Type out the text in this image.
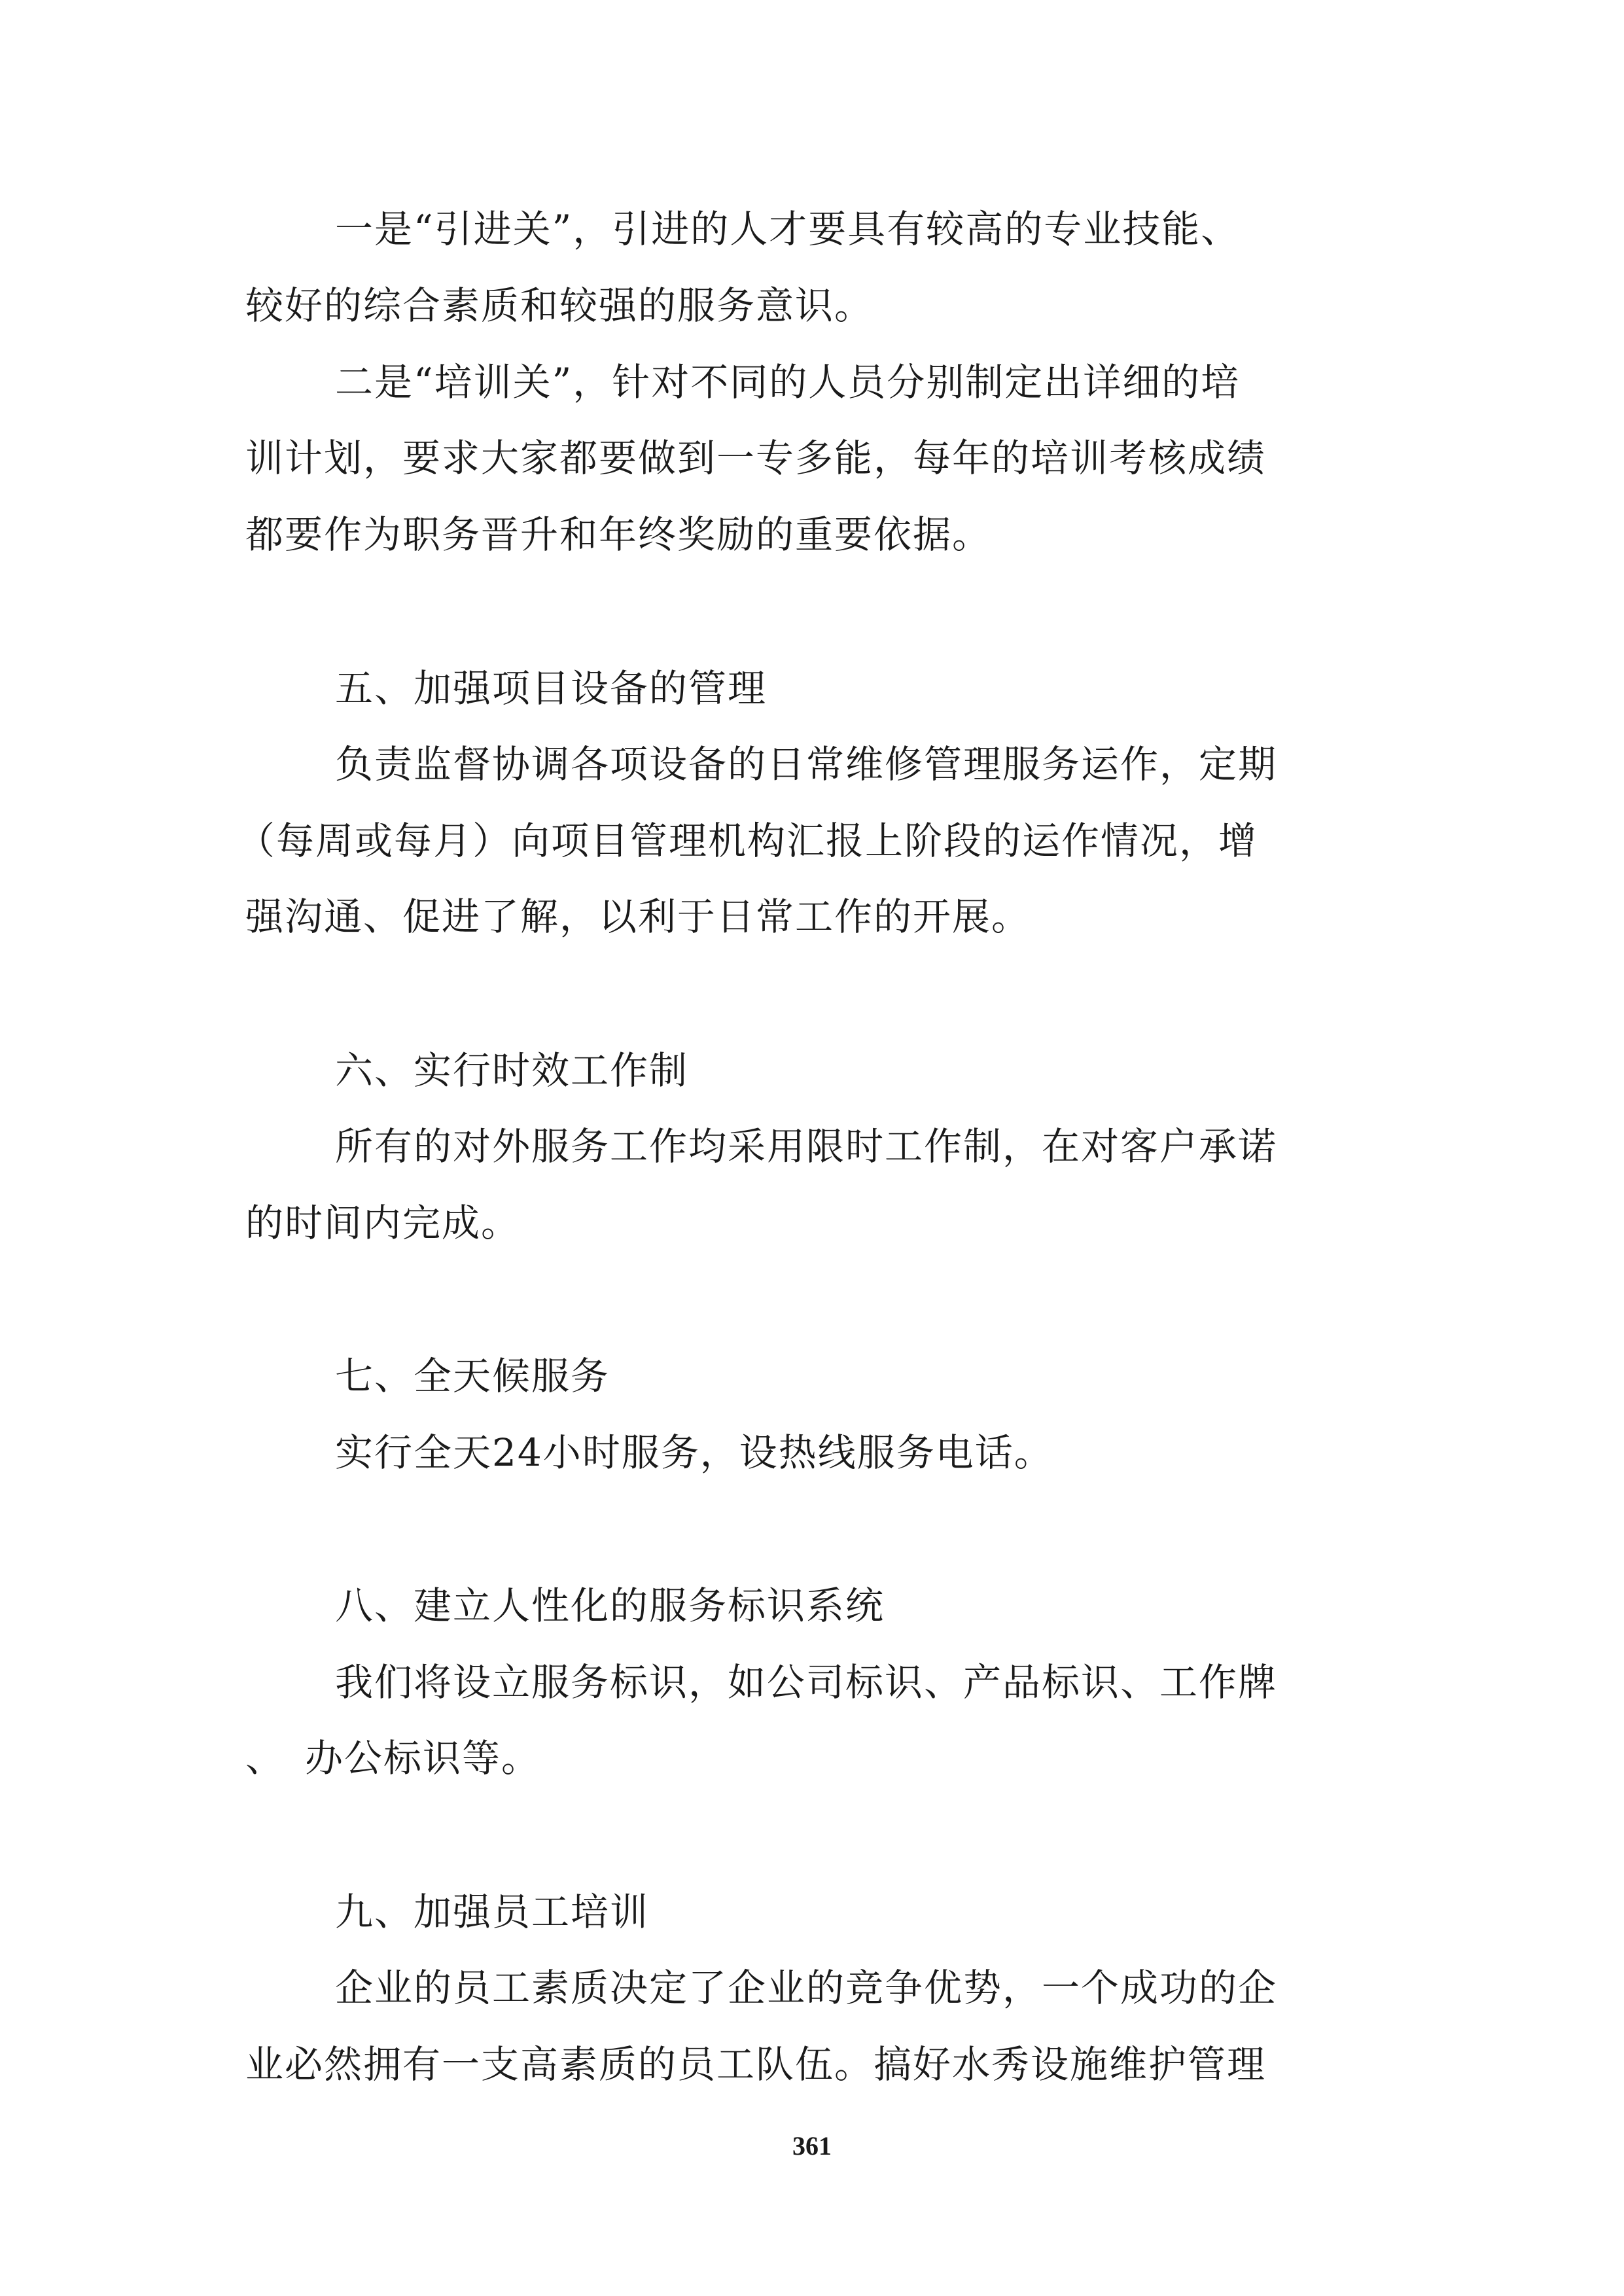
一是“引进关”，引进的人才要具有较高的专业技能、
较好的综合素质和较强的服务意识。
二是“培训关”，针对不同的人员分别制定出详细的培
训计划，要求大家都要做到一专多能，每年的培训考核成绩
都要作为职务晋升和年终奖励的重要依据。
五、加强项目设备的管理
负责监督协调各项设备的日常维修管理服务运作，定期
（每周或每月）向项目管理机构汇报上阶段的运作情况，增
强沟通、促进了解，以利于日常工作的开展。
六、实行时效工作制
所有的对外服务工作均采用限时工作制，在对客户承诺
的时间内完成。
七、全天候服务
实行全天24小时服务，设热线服务电话。
八、建立人性化的服务标识系统
我们将设立服务标识，如公司标识、产品标识、工作牌
、　办公标识等。
九、加强员工培训
企业的员工素质决定了企业的竞争优势，一个成功的企
业必然拥有一支高素质的员工队伍。搞好水秀设施维护管理
361
